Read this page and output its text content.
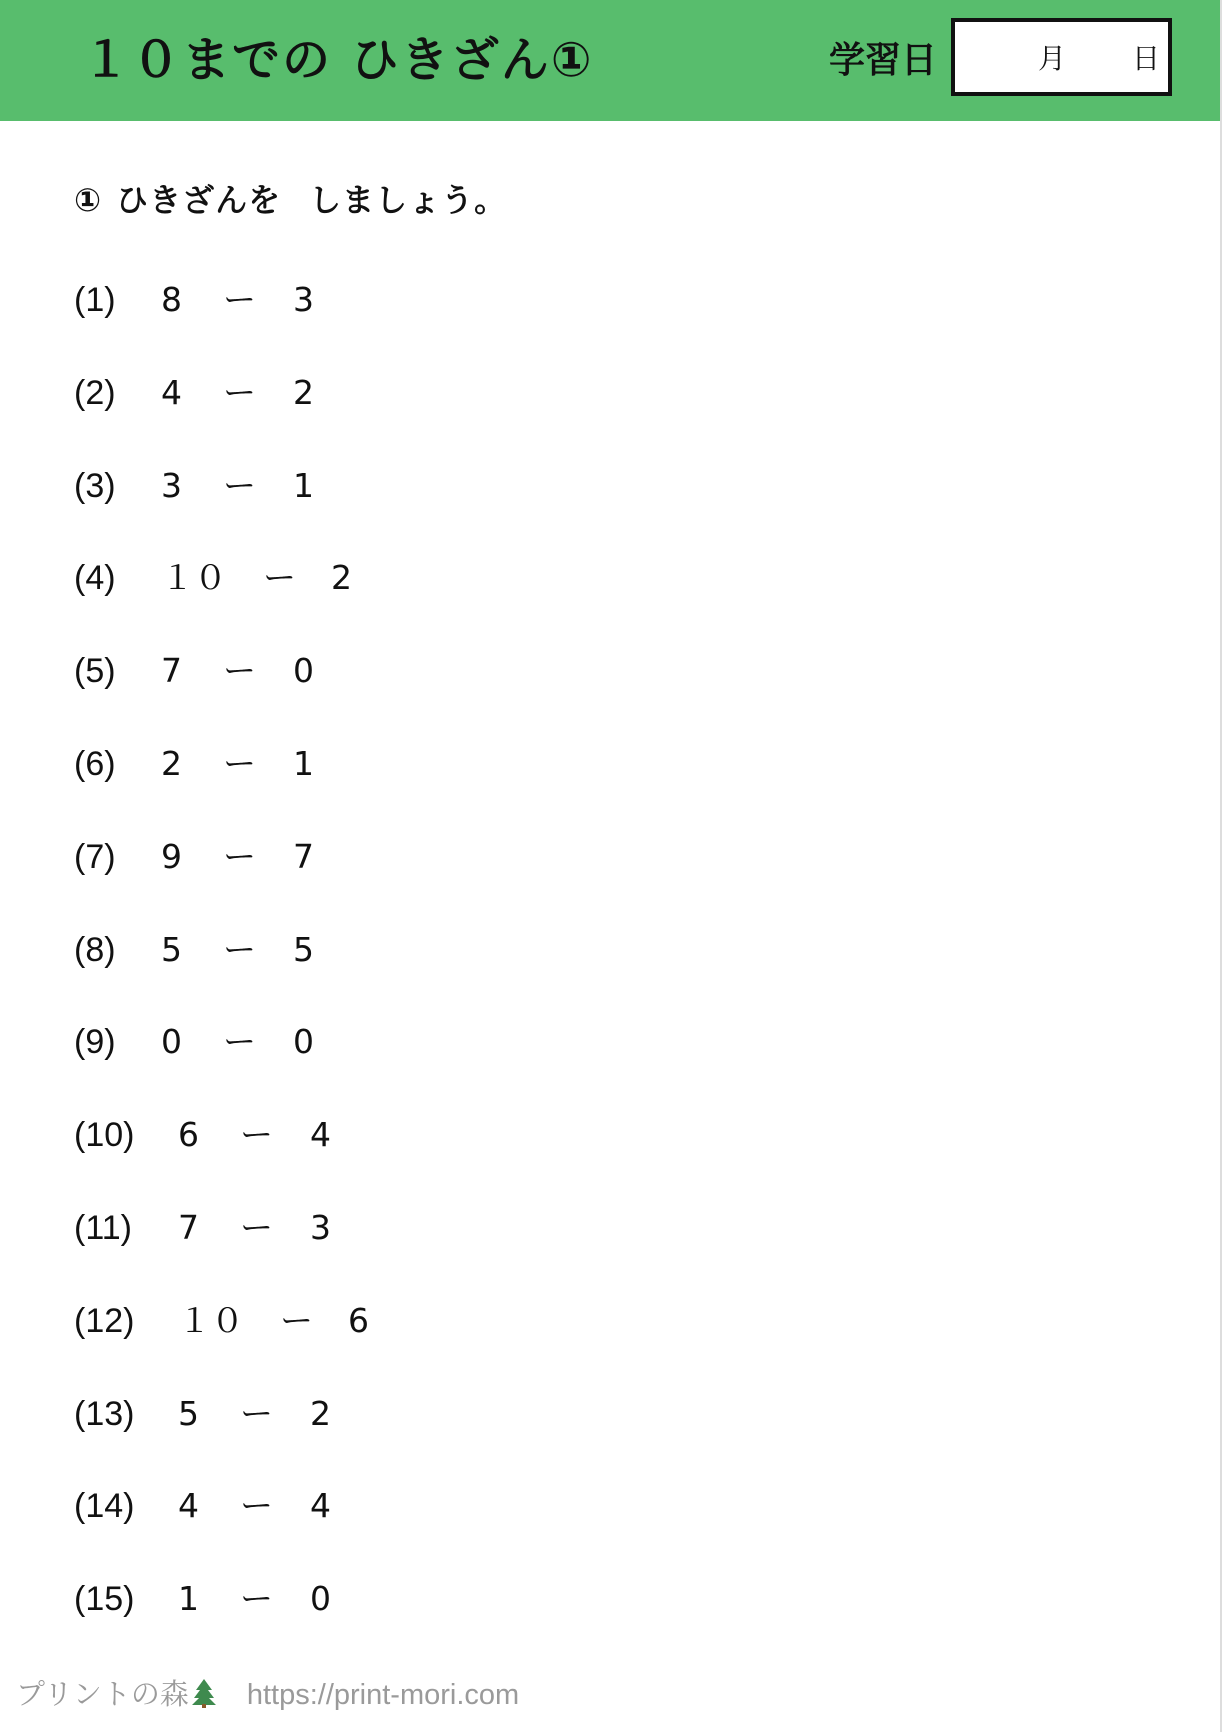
１０までの ひきざん①	学習日	月 日
① ひきざんを しましょう。
(1) 8 ー 3
(2) 4 ー 2
(3) 3 ー 1
(4) １０ ー 2
(5) 7 ー 0
(6) 2 ー 1
(7) 9 ー 7
(8) 5 ー 5
(9) 0 ー 0
(10) 6 ー 4
(11) 7 ー 3
(12) １０ ー 6
(13) 5 ー 2
(14) 4 ー 4
(15) 1 ー 0
プリントの森 https://print-mori.com
